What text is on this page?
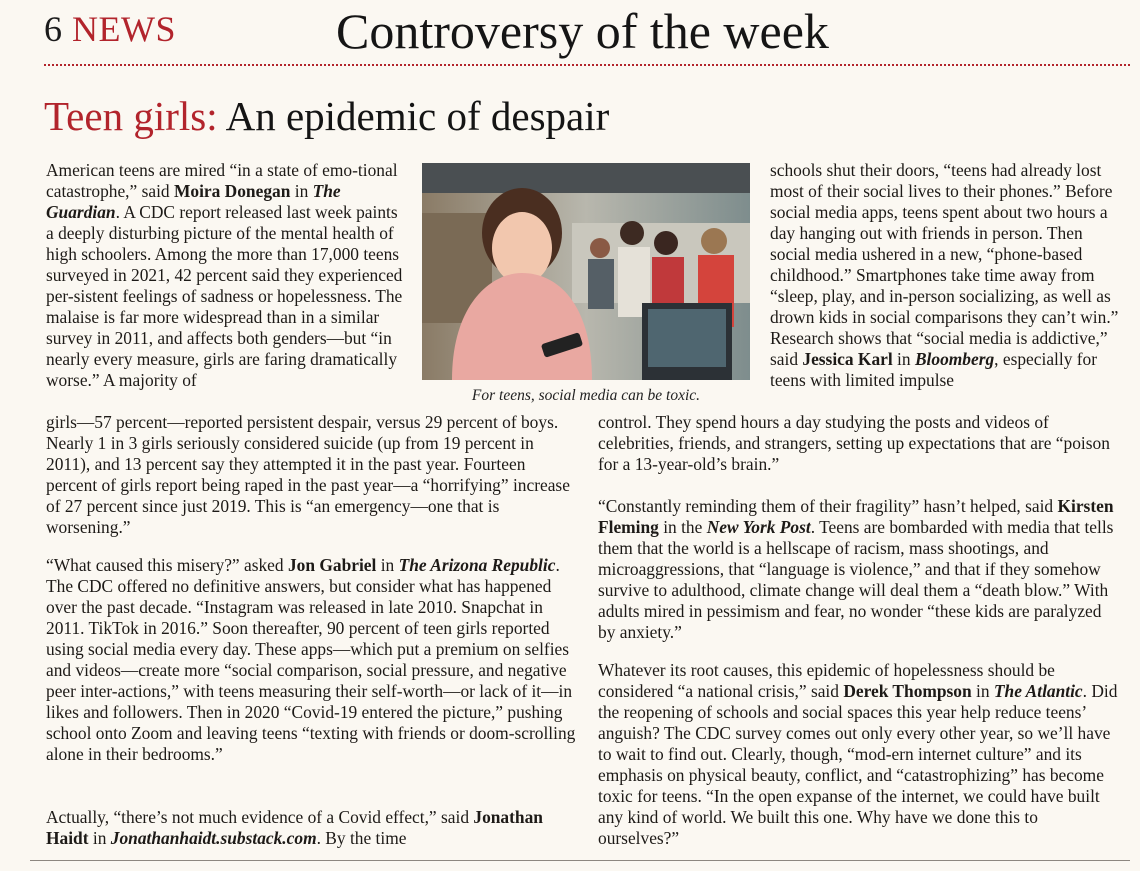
6 NEWS	Controversy of the week
Teen girls: An epidemic of despair
American teens are mired “in a state of emo-tional catastrophe,” said Moira Donegan in The Guardian. A CDC report released last week paints a deeply disturbing picture of the mental health of high schoolers. Among the more than 17,000 teens surveyed in 2021, 42 percent said they experienced per-sistent feelings of sadness or hopelessness. The malaise is far more widespread than in a similar survey in 2011, and affects both genders—but “in nearly every measure, girls are faring dramatically worse.” A majority of
For teens, social media can be toxic.
schools shut their doors, “teens had already lost most of their social lives to their phones.” Before social media apps, teens spent about two hours a day hanging out with friends in person. Then social media ushered in a new, “phone-based childhood.” Smartphones take time away from “sleep, play, and in-person socializing, as well as drown kids in social comparisons they can’t win.” Research shows that “social media is addictive,” said Jessica Karl in Bloomberg, especially for teens with limited impulse
girls—57 percent—reported persistent despair, versus 29 percent of boys. Nearly 1 in 3 girls seriously considered suicide (up from 19 percent in 2011), and 13 percent say they attempted it in the past year. Fourteen percent of girls report being raped in the past year—a “horrifying” increase of 27 percent since just 2019. This is “an emergency—one that is worsening.”
control. They spend hours a day studying the posts and videos of celebrities, friends, and strangers, setting up expectations that are “poison for a 13-year-old’s brain.”
“What caused this misery?” asked Jon Gabriel in The Arizona Republic. The CDC offered no definitive answers, but consider what has happened over the past decade. “Instagram was released in late 2010. Snapchat in 2011. TikTok in 2016.” Soon thereafter, 90 percent of teen girls reported using social media every day. These apps—which put a premium on selfies and videos—create more “social comparison, social pressure, and negative peer inter-actions,” with teens measuring their self-worth—or lack of it—in likes and followers. Then in 2020 “Covid-19 entered the picture,” pushing school onto Zoom and leaving teens “texting with friends or doom-scrolling alone in their bedrooms.”
Actually, “there’s not much evidence of a Covid effect,” said Jonathan Haidt in Jonathanhaidt.substack.com. By the time
“Constantly reminding them of their fragility” hasn’t helped, said Kirsten Fleming in the New York Post. Teens are bombarded with media that tells them that the world is a hellscape of racism, mass shootings, and microaggressions, that “language is violence,” and that if they somehow survive to adulthood, climate change will deal them a “death blow.” With adults mired in pessimism and fear, no wonder “these kids are paralyzed by anxiety.”
Whatever its root causes, this epidemic of hopelessness should be considered “a national crisis,” said Derek Thompson in The Atlantic. Did the reopening of schools and social spaces this year help reduce teens’ anguish? The CDC survey comes out only every other year, so we’ll have to wait to find out. Clearly, though, “mod-ern internet culture” and its emphasis on physical beauty, conflict, and “catastrophizing” has become toxic for teens. “In the open expanse of the internet, we could have built any kind of world. We built this one. Why have we done this to ourselves?”
